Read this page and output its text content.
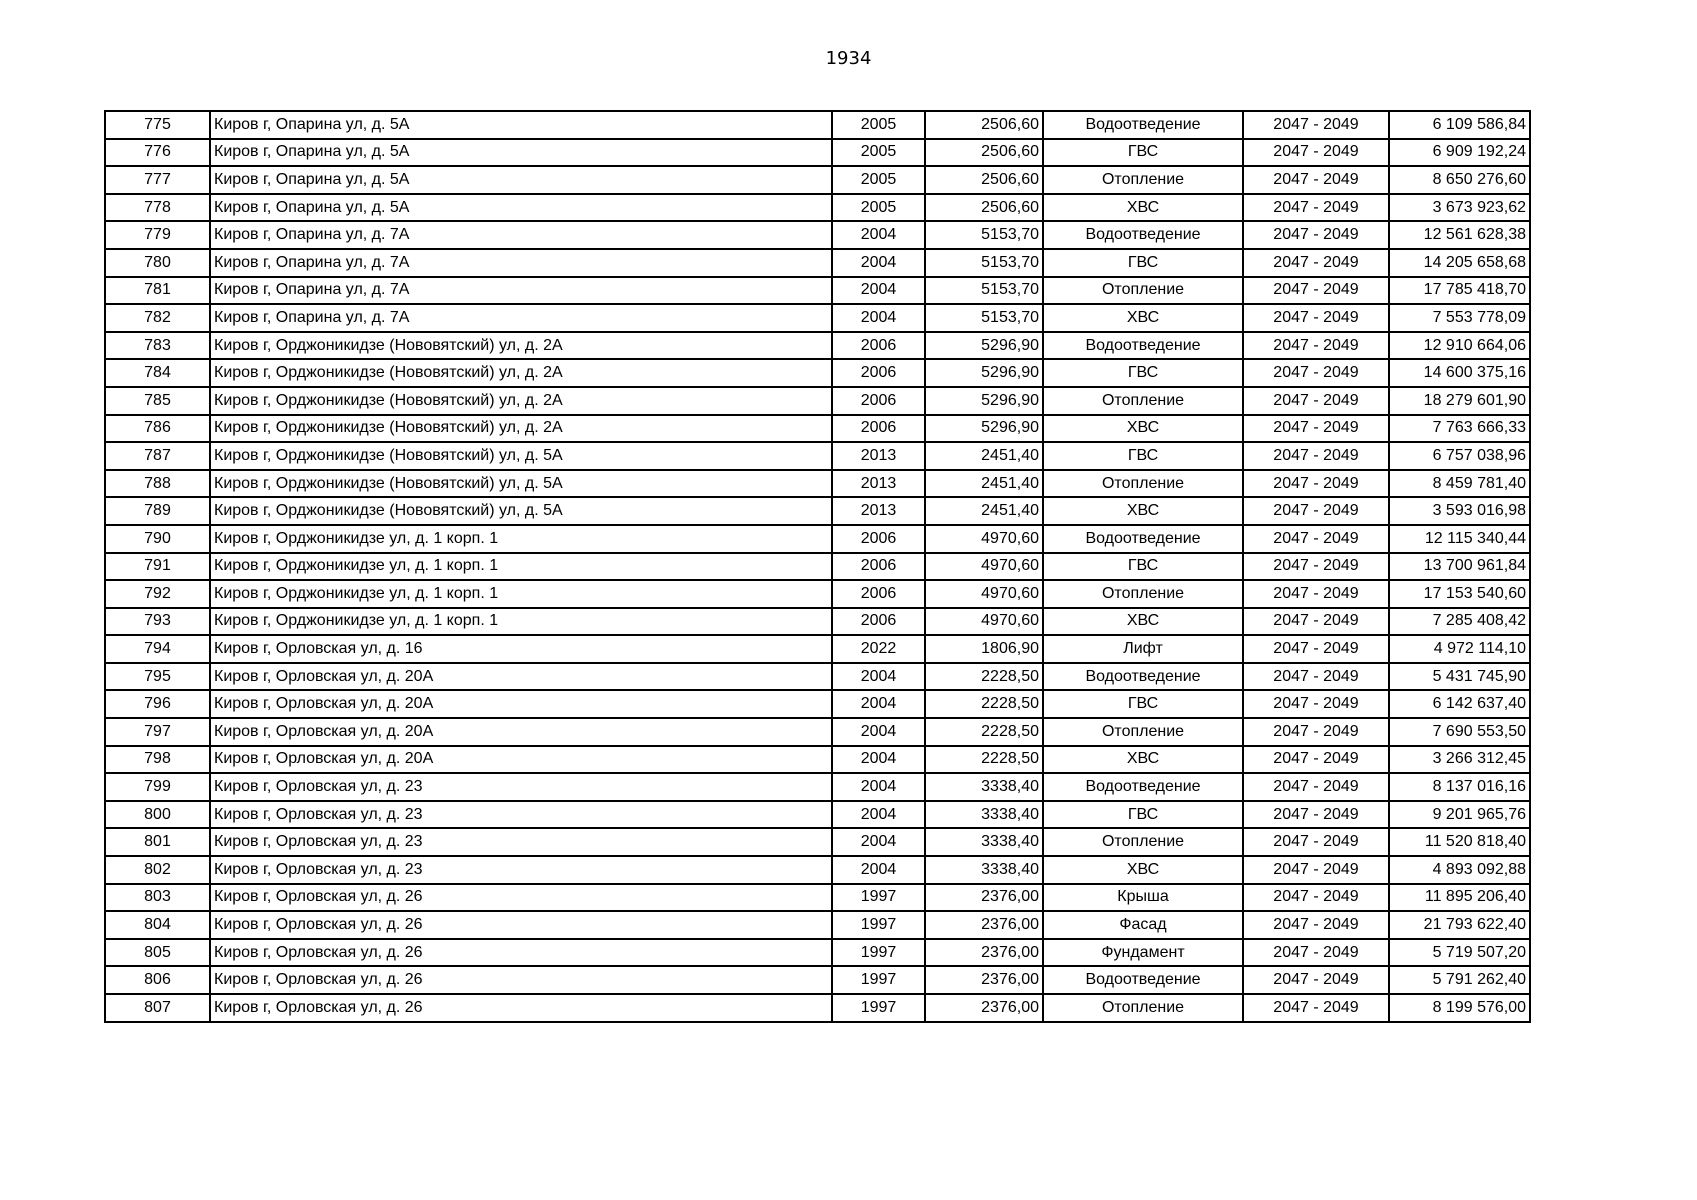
1934
775	Киров г, Опарина ул, д. 5А	2005	2506,60	Водоотведение	2047 - 2049	6 109 586,84
776	Киров г, Опарина ул, д. 5А	2005	2506,60	ГВС	2047 - 2049	6 909 192,24
777	Киров г, Опарина ул, д. 5А	2005	2506,60	Отопление	2047 - 2049	8 650 276,60
778	Киров г, Опарина ул, д. 5А	2005	2506,60	ХВС	2047 - 2049	3 673 923,62
779	Киров г, Опарина ул, д. 7А	2004	5153,70	Водоотведение	2047 - 2049	12 561 628,38
780	Киров г, Опарина ул, д. 7А	2004	5153,70	ГВС	2047 - 2049	14 205 658,68
781	Киров г, Опарина ул, д. 7А	2004	5153,70	Отопление	2047 - 2049	17 785 418,70
782	Киров г, Опарина ул, д. 7А	2004	5153,70	ХВС	2047 - 2049	7 553 778,09
783	Киров г, Орджоникидзе (Нововятский) ул, д. 2А	2006	5296,90	Водоотведение	2047 - 2049	12 910 664,06
784	Киров г, Орджоникидзе (Нововятский) ул, д. 2А	2006	5296,90	ГВС	2047 - 2049	14 600 375,16
785	Киров г, Орджоникидзе (Нововятский) ул, д. 2А	2006	5296,90	Отопление	2047 - 2049	18 279 601,90
786	Киров г, Орджоникидзе (Нововятский) ул, д. 2А	2006	5296,90	ХВС	2047 - 2049	7 763 666,33
787	Киров г, Орджоникидзе (Нововятский) ул, д. 5А	2013	2451,40	ГВС	2047 - 2049	6 757 038,96
788	Киров г, Орджоникидзе (Нововятский) ул, д. 5А	2013	2451,40	Отопление	2047 - 2049	8 459 781,40
789	Киров г, Орджоникидзе (Нововятский) ул, д. 5А	2013	2451,40	ХВС	2047 - 2049	3 593 016,98
790	Киров г, Орджоникидзе ул, д. 1 корп. 1	2006	4970,60	Водоотведение	2047 - 2049	12 115 340,44
791	Киров г, Орджоникидзе ул, д. 1 корп. 1	2006	4970,60	ГВС	2047 - 2049	13 700 961,84
792	Киров г, Орджоникидзе ул, д. 1 корп. 1	2006	4970,60	Отопление	2047 - 2049	17 153 540,60
793	Киров г, Орджоникидзе ул, д. 1 корп. 1	2006	4970,60	ХВС	2047 - 2049	7 285 408,42
794	Киров г, Орловская ул, д. 16	2022	1806,90	Лифт	2047 - 2049	4 972 114,10
795	Киров г, Орловская ул, д. 20А	2004	2228,50	Водоотведение	2047 - 2049	5 431 745,90
796	Киров г, Орловская ул, д. 20А	2004	2228,50	ГВС	2047 - 2049	6 142 637,40
797	Киров г, Орловская ул, д. 20А	2004	2228,50	Отопление	2047 - 2049	7 690 553,50
798	Киров г, Орловская ул, д. 20А	2004	2228,50	ХВС	2047 - 2049	3 266 312,45
799	Киров г, Орловская ул, д. 23	2004	3338,40	Водоотведение	2047 - 2049	8 137 016,16
800	Киров г, Орловская ул, д. 23	2004	3338,40	ГВС	2047 - 2049	9 201 965,76
801	Киров г, Орловская ул, д. 23	2004	3338,40	Отопление	2047 - 2049	11 520 818,40
802	Киров г, Орловская ул, д. 23	2004	3338,40	ХВС	2047 - 2049	4 893 092,88
803	Киров г, Орловская ул, д. 26	1997	2376,00	Крыша	2047 - 2049	11 895 206,40
804	Киров г, Орловская ул, д. 26	1997	2376,00	Фасад	2047 - 2049	21 793 622,40
805	Киров г, Орловская ул, д. 26	1997	2376,00	Фундамент	2047 - 2049	5 719 507,20
806	Киров г, Орловская ул, д. 26	1997	2376,00	Водоотведение	2047 - 2049	5 791 262,40
807	Киров г, Орловская ул, д. 26	1997	2376,00	Отопление	2047 - 2049	8 199 576,00
